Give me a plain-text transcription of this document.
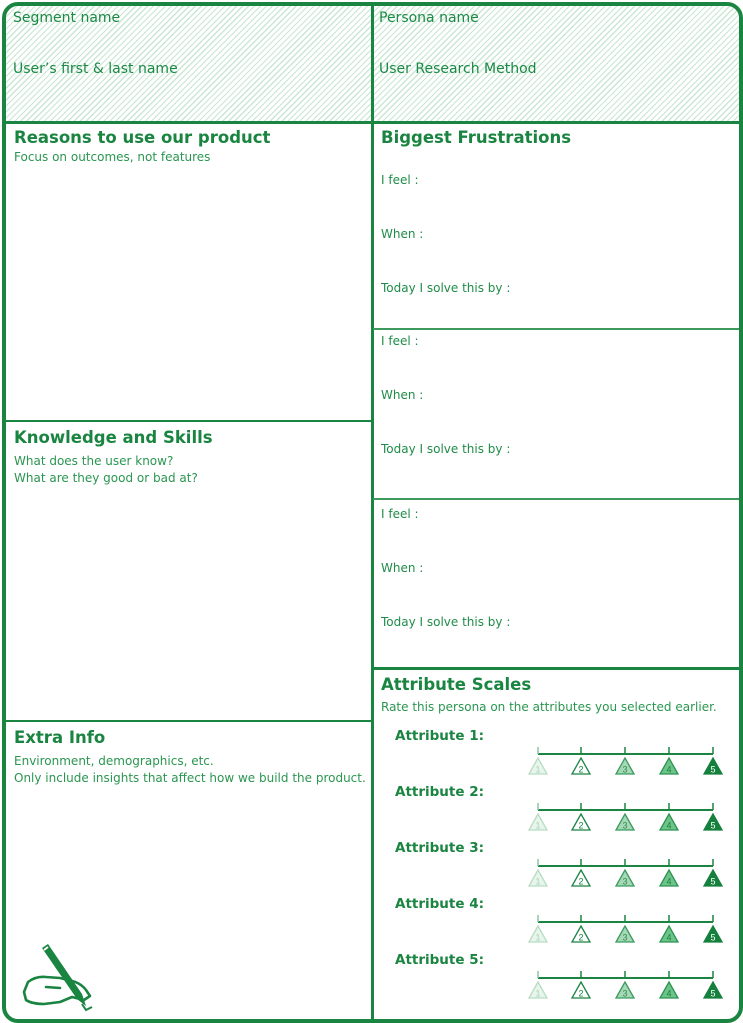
Segment name
User’s first & last name
Persona name
User Research Method
Reasons to use our product
Focus on outcomes, not features
Knowledge and Skills
What does the user know?
What are they good or bad at?
Extra Info
Environment, demographics, etc.
Only include insights that affect how we build the product.
Biggest Frustrations
I feel :
When :
Today I solve this by :
I feel :
When :
Today I solve this by :
I feel :
When :
Today I solve this by :
Attribute Scales
Rate this persona on the attributes you selected earlier.
Attribute 1:
1	2	3	4	5
Attribute 2:
1	2	3	4	5
Attribute 3:
1	2	3	4	5
Attribute 4:
1	2	3	4	5
Attribute 5:
1	2	3	4	5
